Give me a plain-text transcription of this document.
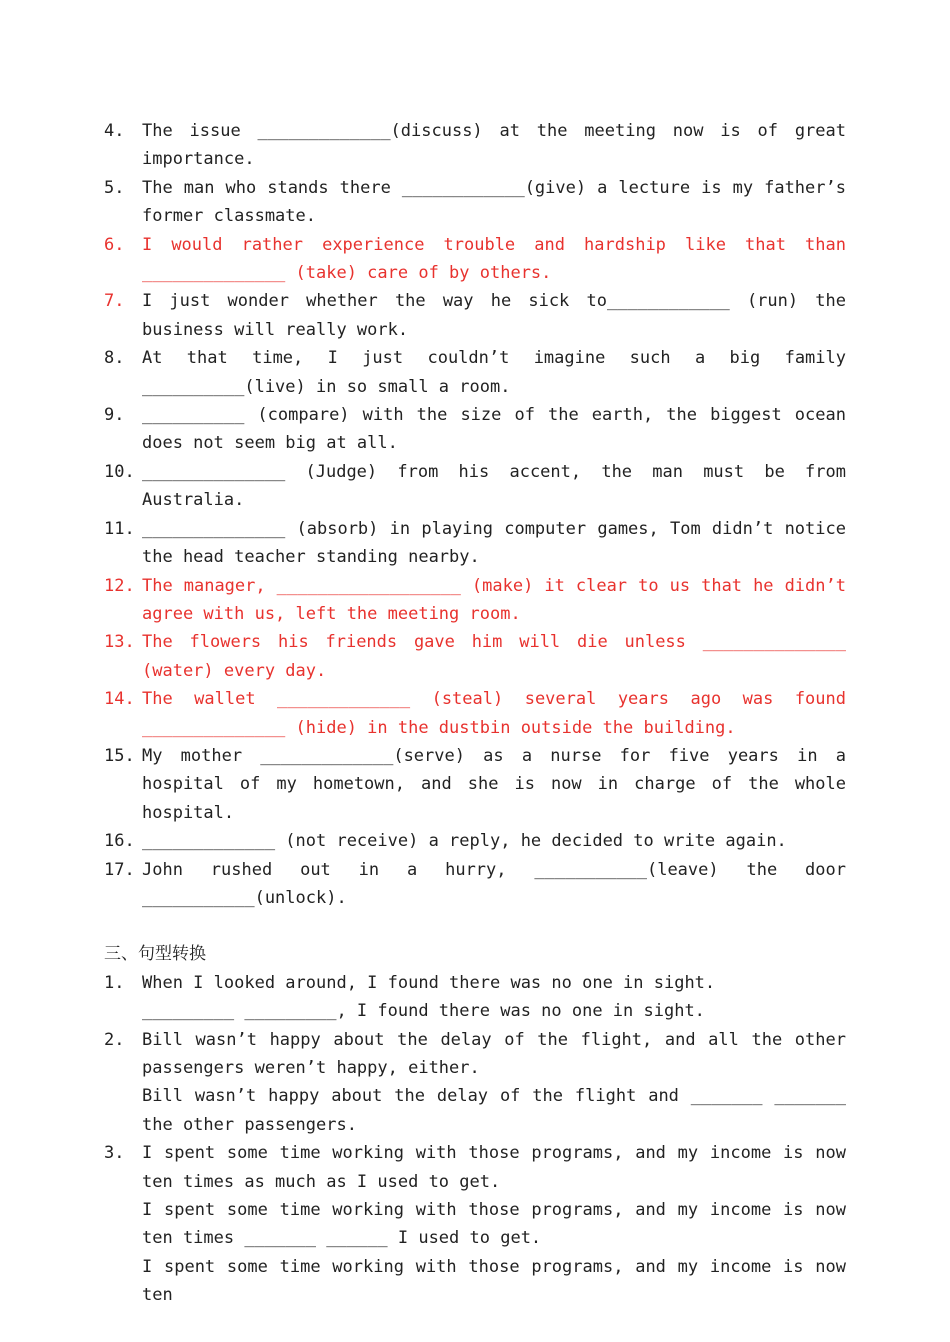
4.	The issue _____________(discuss) at the meeting now is of great importance.
5.	The man who stands there ____________(give) a lecture is my father’s former classmate.
6.	I would rather experience trouble and hardship like that than ______________ (take) care of by others.
7.	I just wonder whether the way he sick to____________ (run) the business will really work.
8.	At that time, I just couldn’t imagine such a big family __________(live) in so small a room.
9.	__________ (compare) with the size of the earth, the biggest ocean does not seem big at all.
10. ______________ (Judge) from his accent, the man must be from Australia.
11. ______________ (absorb) in playing computer games, Tom didn’t notice the head teacher standing nearby.
12. The manager, __________________ (make) it clear to us that he didn’t agree with us, left the meeting room.
13. The flowers his friends gave him will die unless ______________ (water) every day.
14. The wallet _____________ (steal) several years ago was found ______________ (hide) in the dustbin outside the building.
15. My mother _____________(serve) as a nurse for five years in a hospital of my hometown, and she is now in charge of the whole hospital.
16. _____________ (not receive) a reply, he decided to write again.
17. John rushed out in a hurry, ___________(leave) the door ___________(unlock).
三、句型转换
1.	When I looked around, I found there was no one in sight.
_________ _________, I found there was no one in sight.
2.	Bill wasn’t happy about the delay of the flight, and all the other passengers weren’t happy, either.
Bill wasn’t happy about the delay of the flight and _______ _______ the other passengers.
3.	I spent some time working with those programs, and my income is now ten times as much as I used to get.
I spent some time working with those programs, and my income is now ten times _______ ______ I used to get.
I spent some time working with those programs, and my income is now ten
